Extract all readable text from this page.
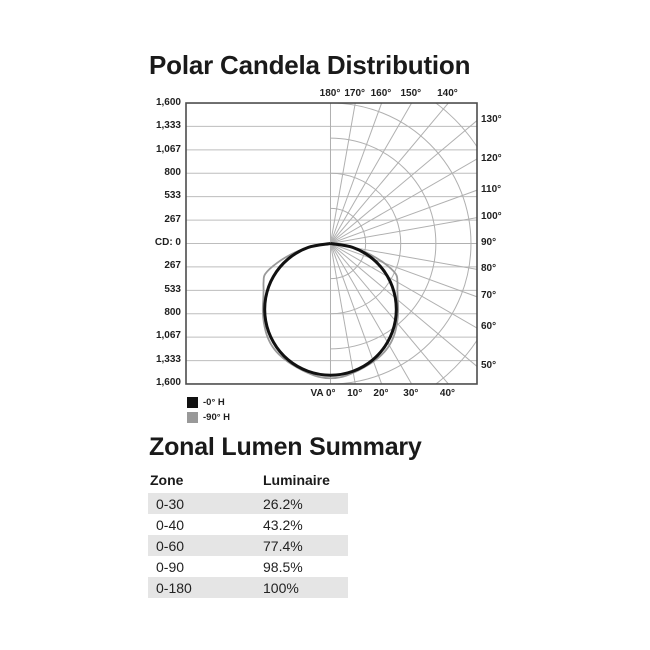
Polar Candela Distribution
1,600
1,333
1,067
800
533
267
CD: 0
267
533
800
1,067
1,333
1,600
180° 170° 160° 150° 140°
130°
120°
110°
100°
90°
80°
70°
60°
50°
VA 0° 10° 20° 30° 40°
-0° H
-90° H
Zonal Lumen Summary
Zone	Luminaire
0-30	26.2%
0-40	43.2%
0-60	77.4%
0-90	98.5%
0-180	100%
